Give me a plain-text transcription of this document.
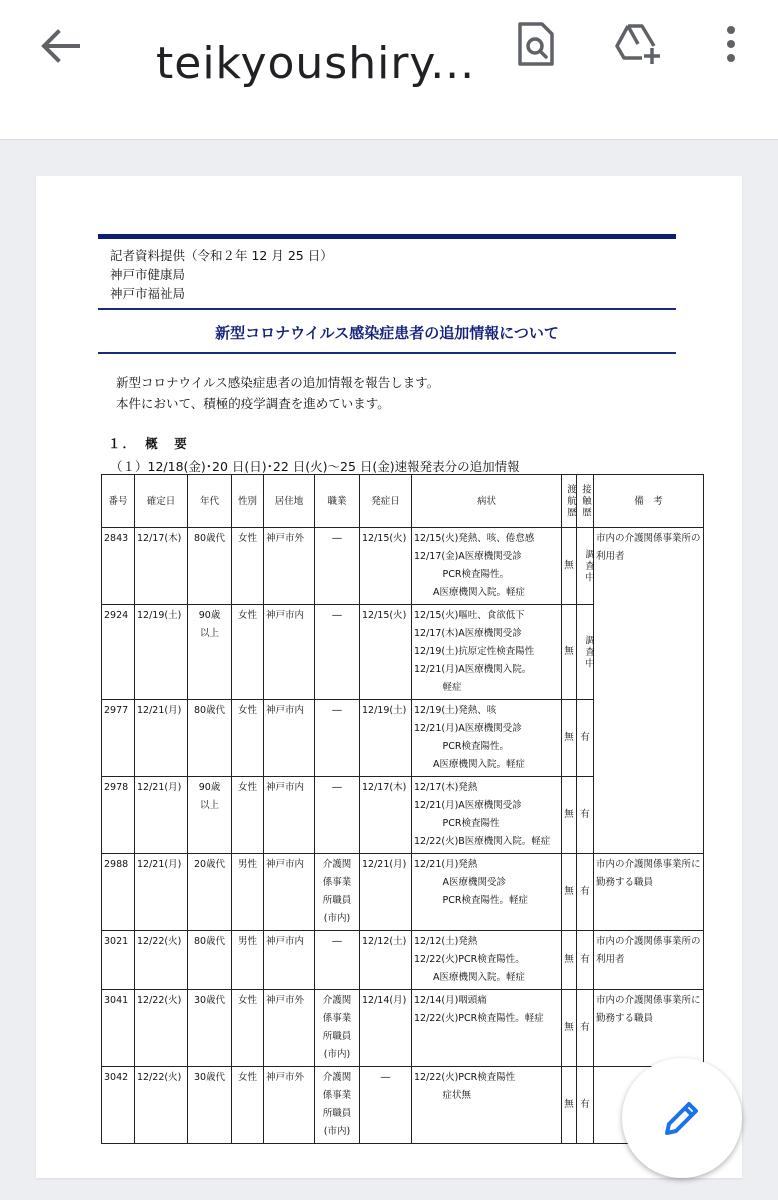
teikyoushiry...
記者資料提供（令和２年 12 月 25 日）
神戸市健康局
神戸市福祉局
新型コロナウイルス感染症患者の追加情報について
新型コロナウイルス感染症患者の追加情報を報告します。
本件において、積極的疫学調査を進めています。
１．　概　要
（１）12/18(金)･20 日(日)･22 日(火)～25 日(金)速報発表分の追加情報
番号	確定日	年代	性別	居住地	職業	発症日	病状	渡航歴	接触歴	備　考
2843	12/17(木)	80歳代	女性	神戸市外	―	12/15(火)	12/15(火)発熱、咳、倦怠感
12/17(金)A医療機関受診
　　　PCR検査陽性。
　　A医療機関入院。軽症	無	調査中	市内の介護関係事業所の利用者
2924	12/19(土)	90歳
以上	女性	神戸市内	―	12/15(火)	12/15(火)嘔吐、食欲低下
12/17(木)A医療機関受診
12/19(土)抗原定性検査陽性
12/21(月)A医療機関入院。
　　　軽症	無	調査中	

2977	12/21(月)	80歳代	女性	神戸市内	―	12/19(土)	12/19(土)発熱、咳
12/21(月)A医療機関受診
　　　PCR検査陽性。
　　A医療機関入院。軽症	無	有	
2978	12/21(月)	90歳
以上	女性	神戸市内	―	12/17(木)	12/17(木)発熱
12/21(月)A医療機関受診
　　　PCR検査陽性
12/22(火)B医療機関入院。軽症	無	有	
2988	12/21(月)	20歳代	男性	神戸市内	介護関
係事業
所職員
(市内)	12/21(月)	12/21(月)発熱
　　　A医療機関受診
　　　PCR検査陽性。軽症	無	有	市内の介護関係事業所に勤務する職員
3021	12/22(火)	80歳代	男性	神戸市内	―	12/12(土)	12/12(土)発熱
12/22(火)PCR検査陽性。
　　A医療機関入院。軽症	無	有	市内の介護関係事業所の利用者
3041	12/22(火)	30歳代	女性	神戸市外	介護関
係事業
所職員
(市内)	12/14(月)	12/14(月)咽頭痛
12/22(火)PCR検査陽性。軽症	無	有	市内の介護関係事業所に勤務する職員
3042	12/22(火)	30歳代	女性	神戸市外	介護関
係事業
所職員
(市内)	―	12/22(火)PCR検査陽性
　　　症状無	無	有	
